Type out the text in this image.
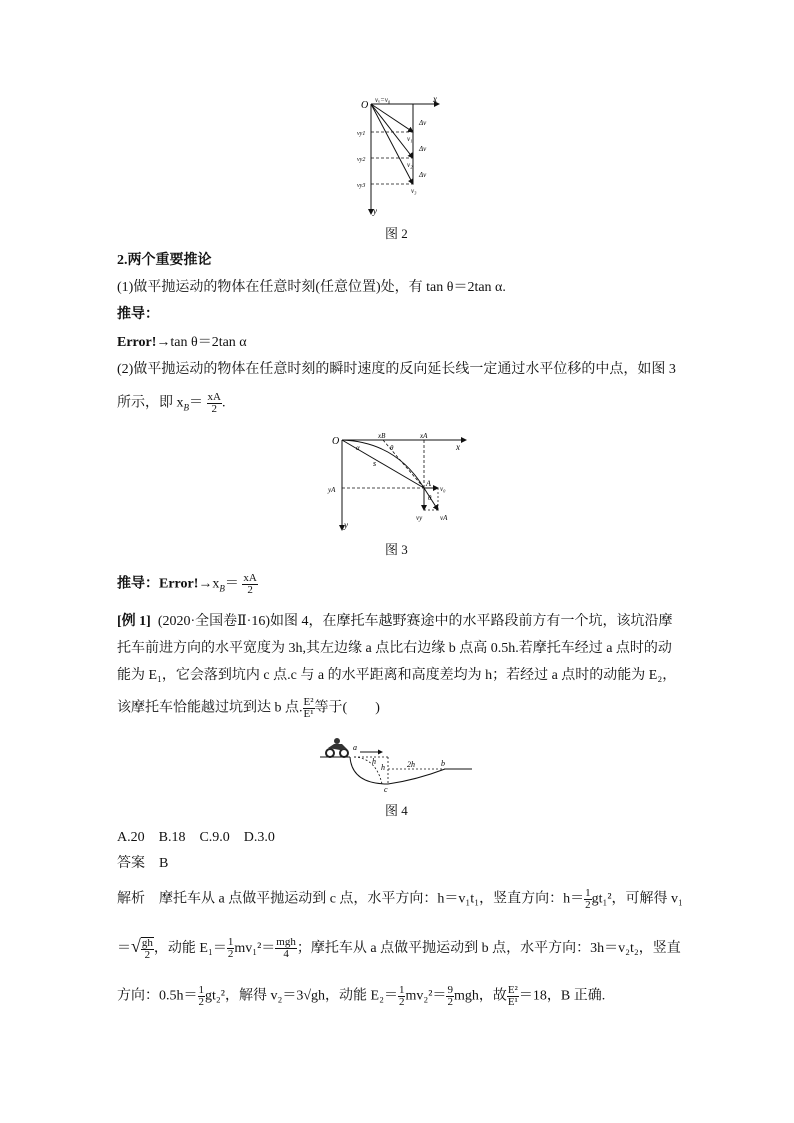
O vₓ=v₀	x
y
vy1
vy2
vy3
v₁
v₂
v₃
Δv
Δv
Δv
图 2
2.两个重要推论
(1)做平抛运动的物体在任意时刻(任意位置)处，有 tan θ＝2tan α.
推导：
Error!→tan θ＝2tan α
(2)做平抛运动的物体在任意时刻的瞬时速度的反向延长线一定通过水平位移的中点，如图 3
所示，即 $x_B= \frac{xA}{2}$ .
O	xB	xA
x
y
yA
A
s
θ
α
θ
v₀
vy	vA
图 3
推导：$Error!\to x_B= \frac{xA}{2}$
[例 1] (2020·全国卷Ⅱ·16)如图 4，在摩托车越野赛途中的水平路段前方有一个坑，该坑沿摩
托车前进方向的水平宽度为 3h,其左边缘 a 点比右边缘 b 点高 0.5h.若摩托车经过 a 点时的动
能为 E₁，它会落到坑内 c 点.c 与 a 的水平距离和高度差均为 h；若经过 a 点时的动能为 E₂，
该摩托车恰能越过坑到达 b 点. $\frac{\text{E²}}{\text{E¹}}$ 等于(　　)
a
b
c
h
h	2h
图 4
A.20　B.18　C.9.0　D.3.0
答案　B
解析　摩托车从 a 点做平抛运动到 c 点，水平方向：h＝v₁t₁，竖直方向：$h= \frac{1}{2} gt_1^2$，可解得 v₁
＝√ $\frac{gh}{2}$ ，动能 $E_1= \frac{1}{2} mv_1^2= \frac{\text{mgh}}{4}$ ；摩托车从 a 点做平抛运动到 b 点，水平方向：3h＝v₂t₂，竖直
方向：$0.5h= \frac{1}{2} gt_2^2$，解得 v₂＝3√gh，动能 $E_2= \frac{1}{2} mv_2^2= \frac{9}{2}$ mgh，故 $\frac{\text{E²}}{\text{E¹}} =18$，B 正确.
